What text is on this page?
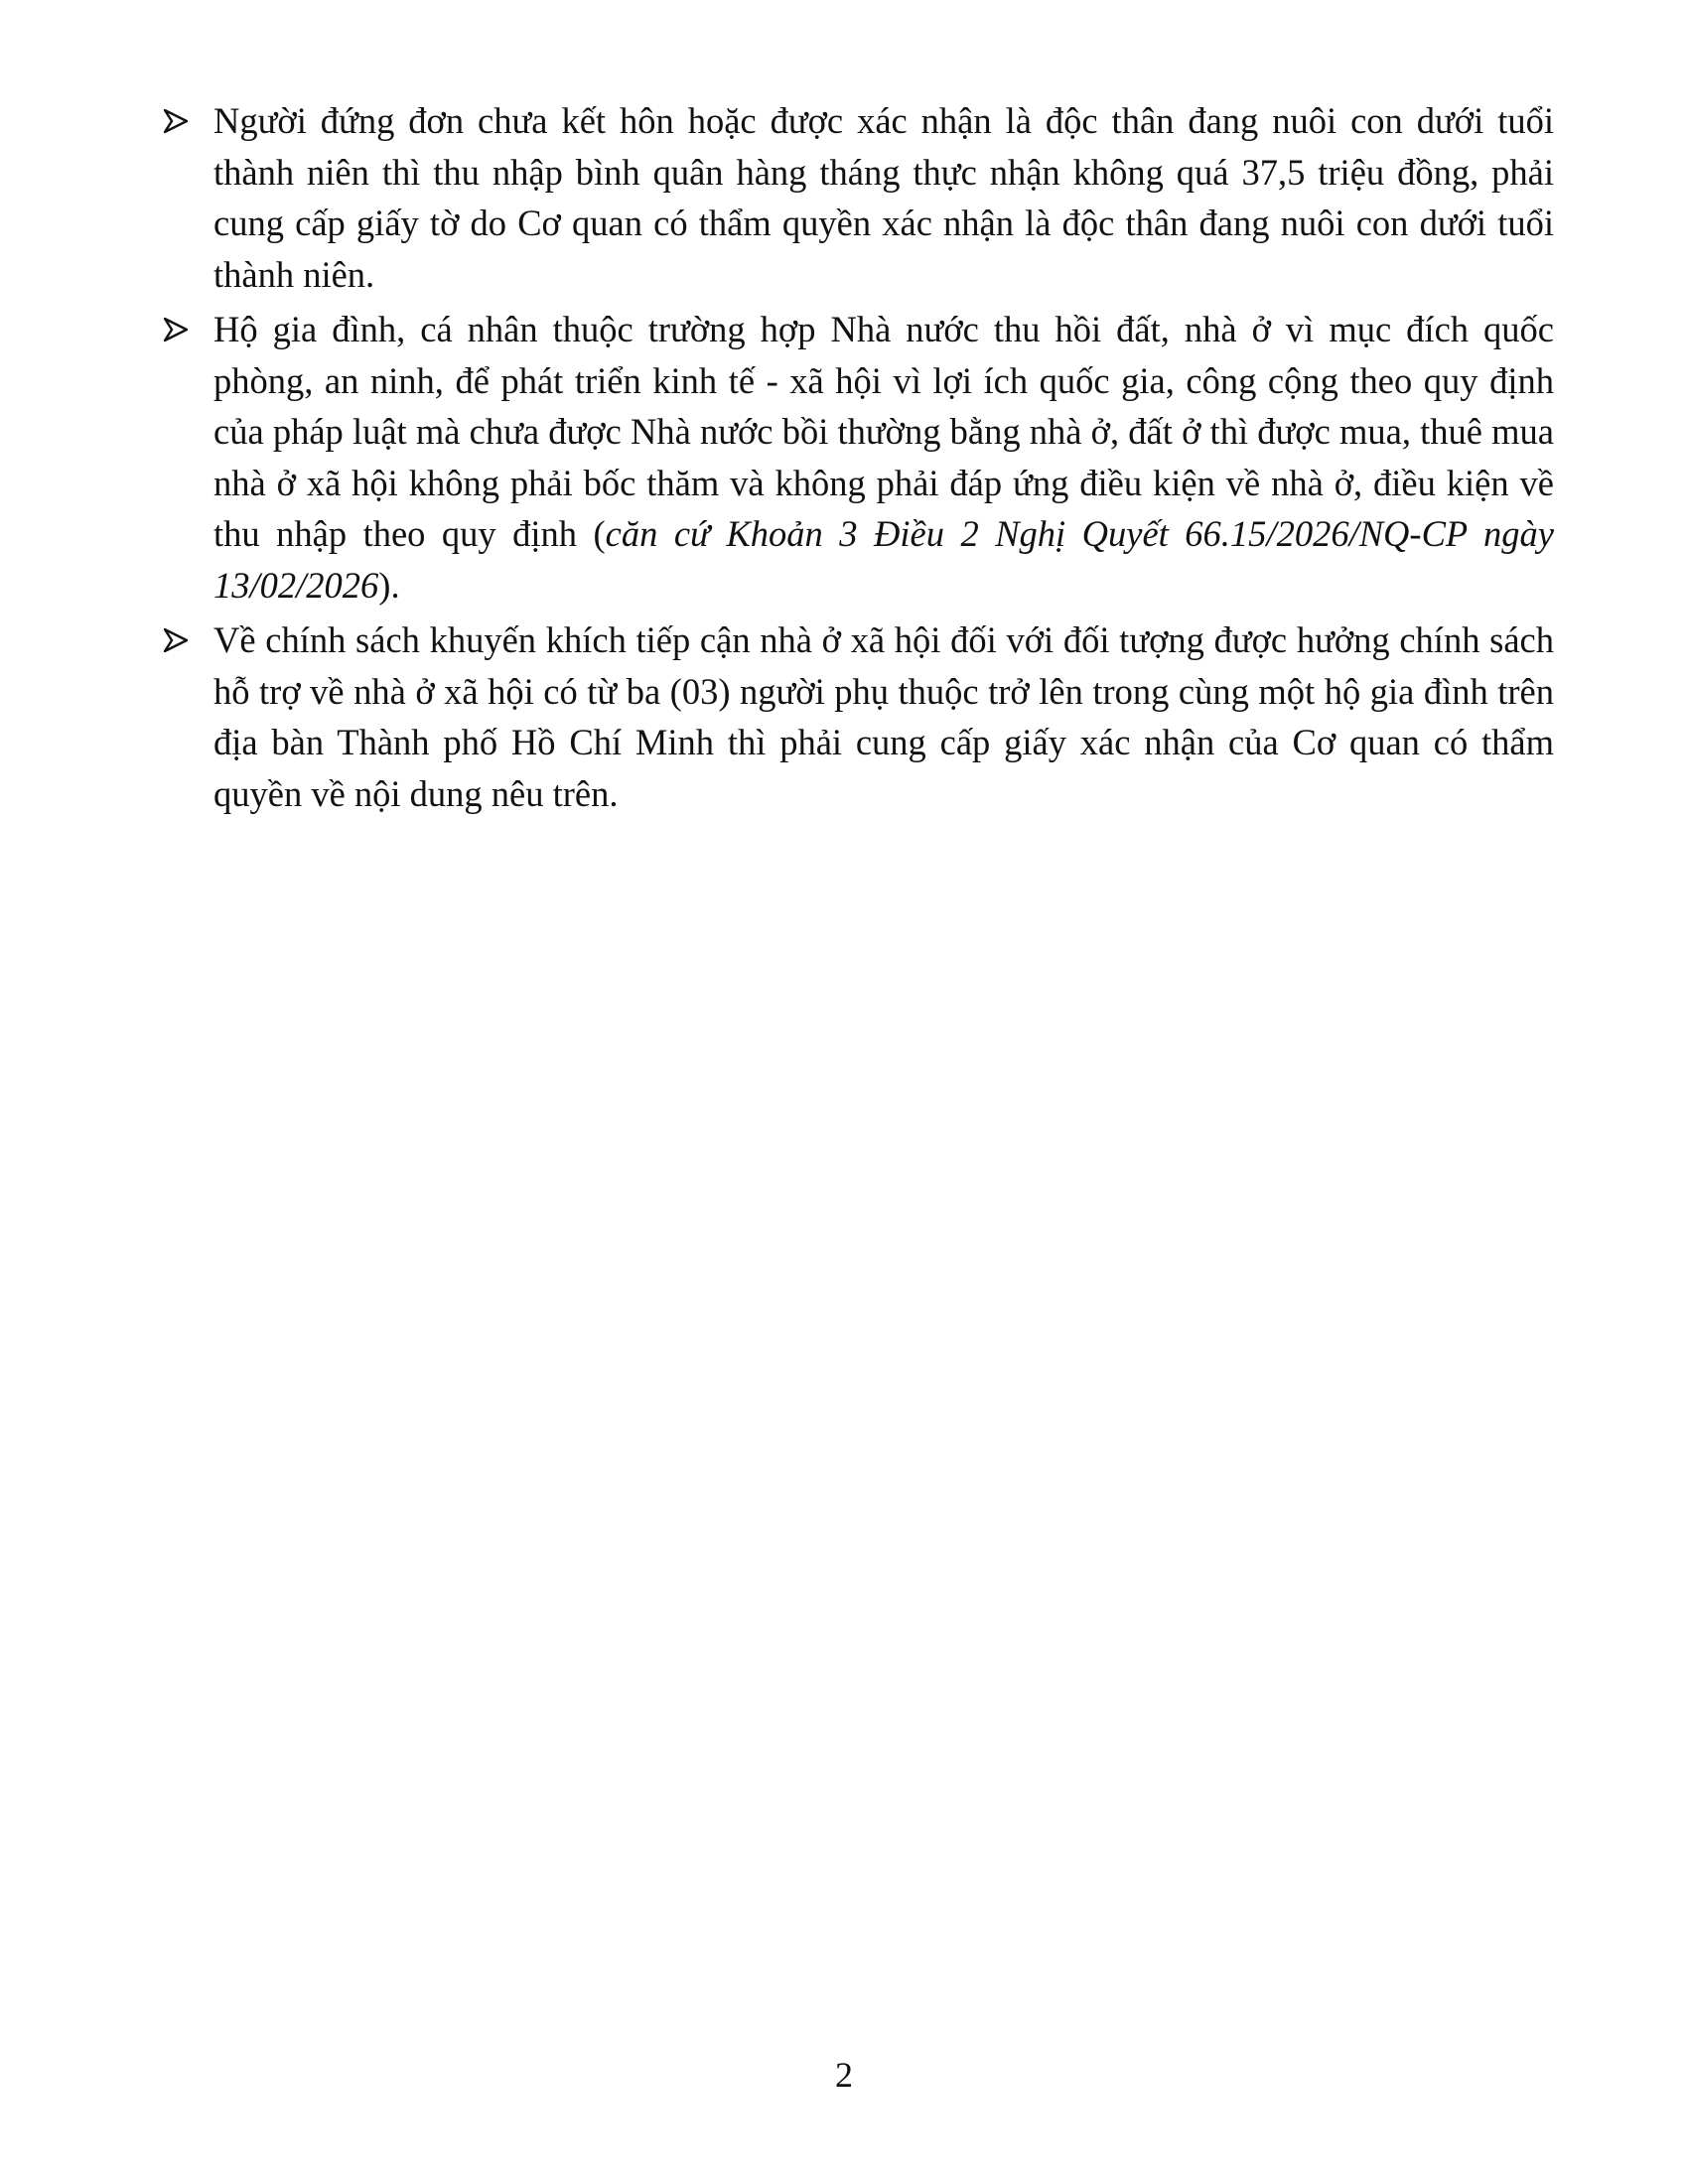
Người đứng đơn chưa kết hôn hoặc được xác nhận là độc thân đang nuôi con dưới tuổi thành niên thì thu nhập bình quân hàng tháng thực nhận không quá 37,5 triệu đồng, phải cung cấp giấy tờ do Cơ quan có thẩm quyền xác nhận là độc thân đang nuôi con dưới tuổi thành niên.

Hộ gia đình, cá nhân thuộc trường hợp Nhà nước thu hồi đất, nhà ở vì mục đích quốc phòng, an ninh, để phát triển kinh tế - xã hội vì lợi ích quốc gia, công cộng theo quy định của pháp luật mà chưa được Nhà nước bồi thường bằng nhà ở, đất ở thì được mua, thuê mua nhà ở xã hội không phải bốc thăm và không phải đáp ứng điều kiện về nhà ở, điều kiện về thu nhập theo quy định (căn cứ Khoản 3 Điều 2 Nghị Quyết 66.15/2026/NQ-CP ngày 13/02/2026).

Về chính sách khuyến khích tiếp cận nhà ở xã hội đối với đối tượng được hưởng chính sách hỗ trợ về nhà ở xã hội có từ ba (03) người phụ thuộc trở lên trong cùng một hộ gia đình trên địa bàn Thành phố Hồ Chí Minh thì phải cung cấp giấy xác nhận của Cơ quan có thẩm quyền về nội dung nêu trên.

2
